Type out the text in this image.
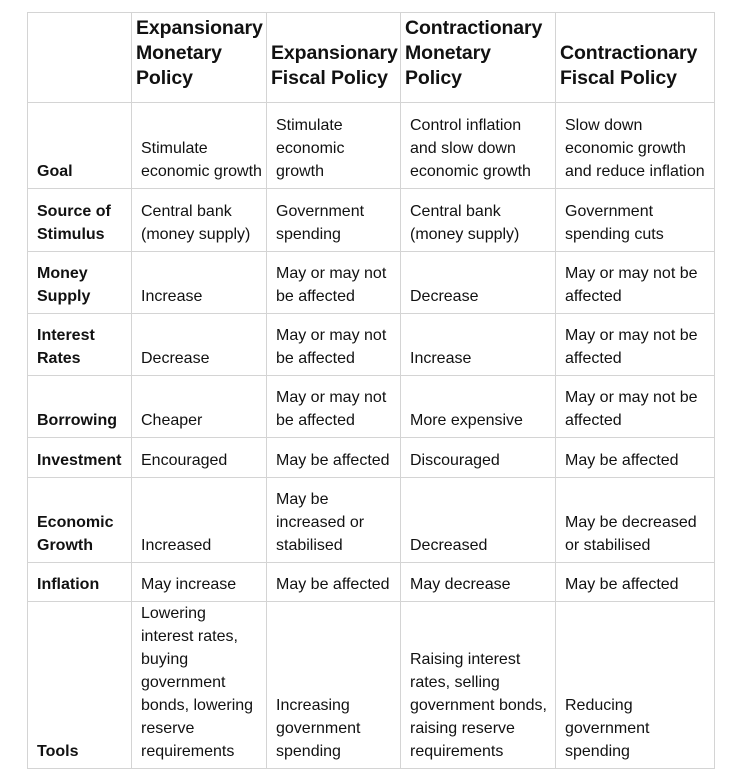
	Expansionary Monetary Policy	Expansionary Fiscal Policy	Contractionary Monetary Policy	Contractionary Fiscal Policy
Goal	Stimulate economic growth	Stimulate economic growth	Control inflation and slow down economic growth	Slow down economic growth and reduce inflation
Source of Stimulus	Central bank (money supply)	Government spending	Central bank (money supply)	Government spending cuts
Money Supply	Increase	May or may not be affected	Decrease	May or may not be affected
Interest Rates	Decrease	May or may not be affected	Increase	May or may not be affected
Borrowing	Cheaper	May or may not be affected	More expensive	May or may not be affected
Investment	Encouraged	May be affected	Discouraged	May be affected
Economic Growth	Increased	May be increased or stabilised	Decreased	May be decreased or stabilised
Inflation	May increase	May be affected	May decrease	May be affected
Tools	Lowering interest rates, buying government bonds, lowering reserve requirements	Increasing government spending	Raising interest rates, selling government bonds, raising reserve requirements	Reducing government spending
